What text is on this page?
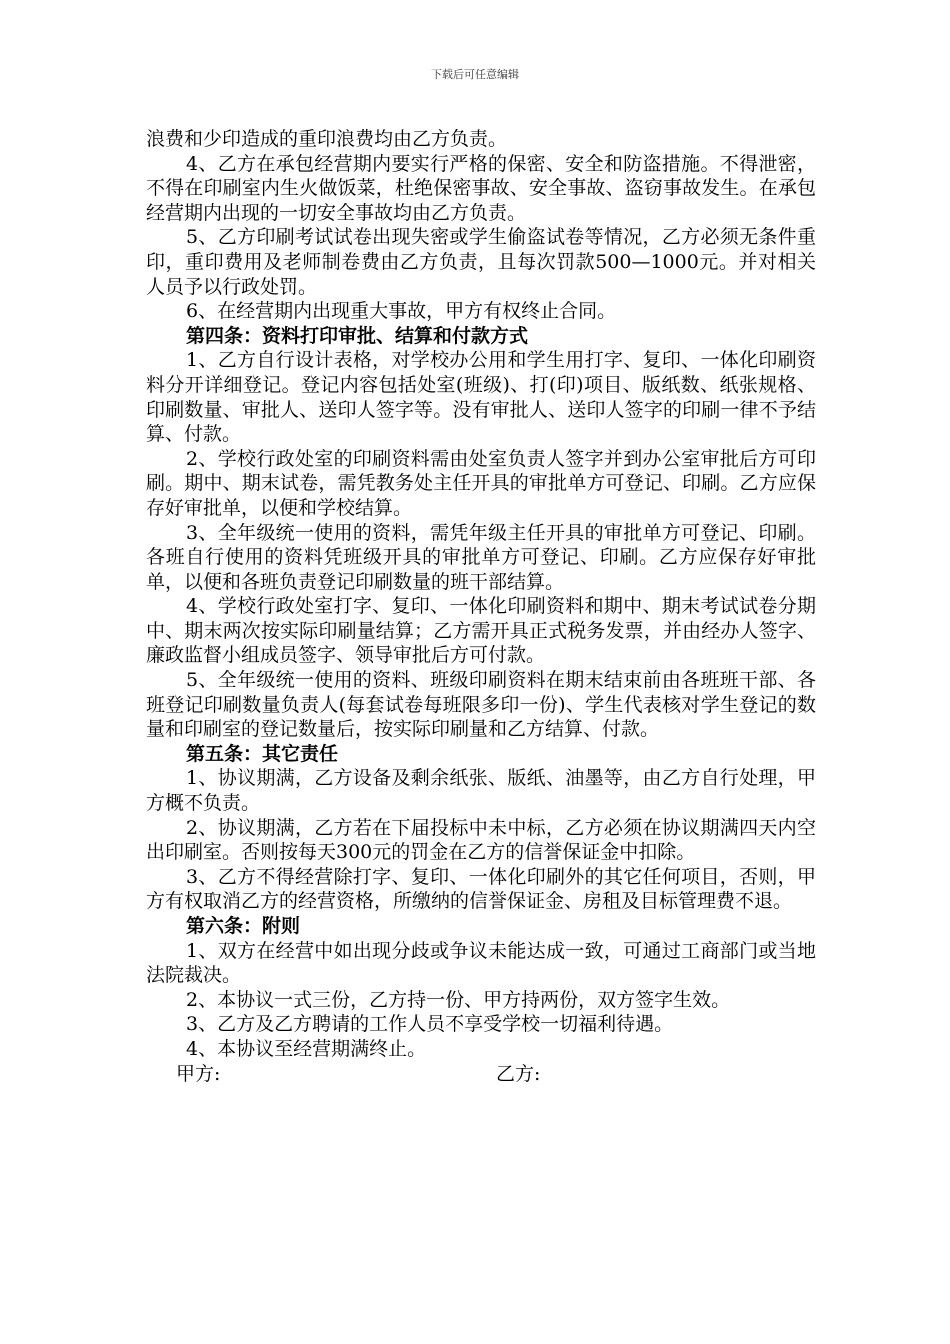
下载后可任意编辑

浪费和少印造成的重印浪费均由乙方负责。

4、乙方在承包经营期内要实行严格的保密、安全和防盗措施。不得泄密，不得在印刷室内生火做饭菜，杜绝保密事故、安全事故、盗窃事故发生。在承包经营期内出现的一切安全事故均由乙方负责。

5、乙方印刷考试试卷出现失密或学生偷盗试卷等情况，乙方必须无条件重印，重印费用及老师制卷费由乙方负责，且每次罚款500—1000元。并对相关人员予以行政处罚。

6、在经营期内出现重大事故，甲方有权终止合同。

第四条：资料打印审批、结算和付款方式

1、乙方自行设计表格，对学校办公用和学生用打字、复印、一体化印刷资料分开详细登记。登记内容包括处室(班级)、打(印)项目、版纸数、纸张规格、印刷数量、审批人、送印人签字等。没有审批人、送印人签字的印刷一律不予结算、付款。

2、学校行政处室的印刷资料需由处室负责人签字并到办公室审批后方可印刷。期中、期末试卷，需凭教务处主任开具的审批单方可登记、印刷。乙方应保存好审批单，以便和学校结算。

3、全年级统一使用的资料，需凭年级主任开具的审批单方可登记、印刷。各班自行使用的资料凭班级开具的审批单方可登记、印刷。乙方应保存好审批单，以便和各班负责登记印刷数量的班干部结算。

4、学校行政处室打字、复印、一体化印刷资料和期中、期末考试试卷分期中、期末两次按实际印刷量结算；乙方需开具正式税务发票，并由经办人签字、廉政监督小组成员签字、领导审批后方可付款。

5、全年级统一使用的资料、班级印刷资料在期末结束前由各班班干部、各班登记印刷数量负责人(每套试卷每班限多印一份)、学生代表核对学生登记的数量和印刷室的登记数量后，按实际印刷量和乙方结算、付款。

第五条：其它责任

1、协议期满，乙方设备及剩余纸张、版纸、油墨等，由乙方自行处理，甲方概不负责。

2、协议期满，乙方若在下届投标中未中标，乙方必须在协议期满四天内空出印刷室。否则按每天300元的罚金在乙方的信誉保证金中扣除。

3、乙方不得经营除打字、复印、一体化印刷外的其它任何项目，否则，甲方有权取消乙方的经营资格，所缴纳的信誉保证金、房租及目标管理费不退。

第六条：附则

1、双方在经营中如出现分歧或争议未能达成一致，可通过工商部门或当地法院裁决。

2、本协议一式三份，乙方持一份、甲方持两份，双方签字生效。

3、乙方及乙方聘请的工作人员不享受学校一切福利待遇。

4、本协议至经营期满终止。

甲方:	乙方:
